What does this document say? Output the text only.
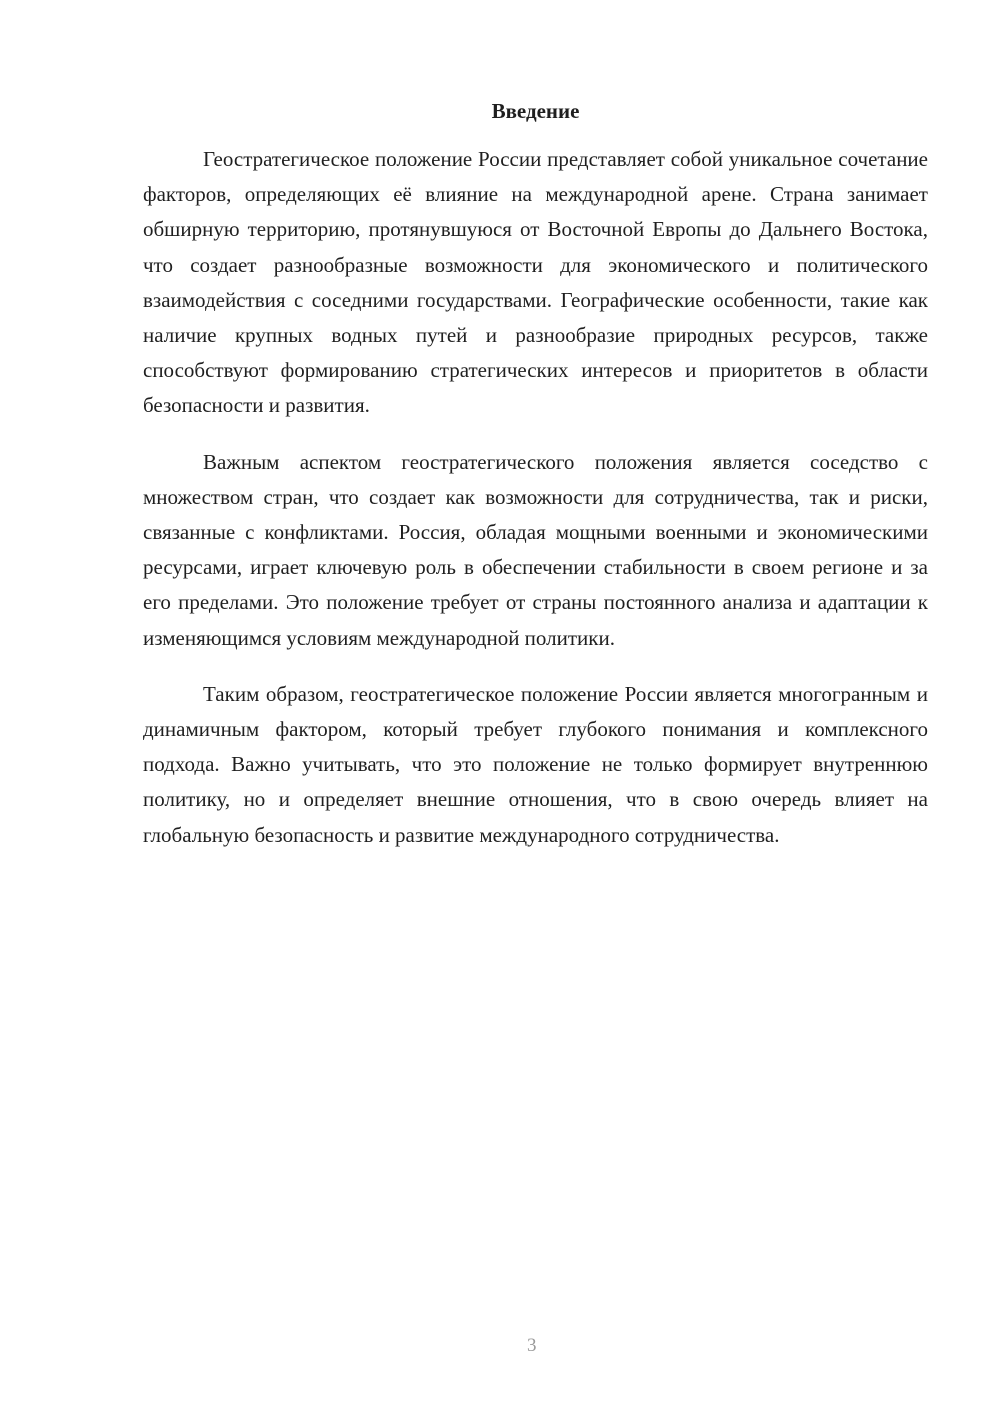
Введение

Геостратегическое положение России представляет собой уникальное сочетание факторов, определяющих её влияние на международной арене. Страна занимает обширную территорию, протянувшуюся от Восточной Европы до Дальнего Востока, что создает разнообразные возможности для экономического и политического взаимодействия с соседними государствами. Географические особенности, такие как наличие крупных водных путей и разнообразие природных ресурсов, также способствуют формированию стратегических интересов и приоритетов в области безопасности и развития.

Важным аспектом геостратегического положения является соседство с множеством стран, что создает как возможности для сотрудничества, так и риски, связанные с конфликтами. Россия, обладая мощными военными и экономическими ресурсами, играет ключевую роль в обеспечении стабильности в своем регионе и за его пределами. Это положение требует от страны постоянного анализа и адаптации к изменяющимся условиям международной политики.

Таким образом, геостратегическое положение России является многогранным и динамичным фактором, который требует глубокого понимания и комплексного подхода. Важно учитывать, что это положение не только формирует внутреннюю политику, но и определяет внешние отношения, что в свою очередь влияет на глобальную безопасность и развитие международного сотрудничества.

3
